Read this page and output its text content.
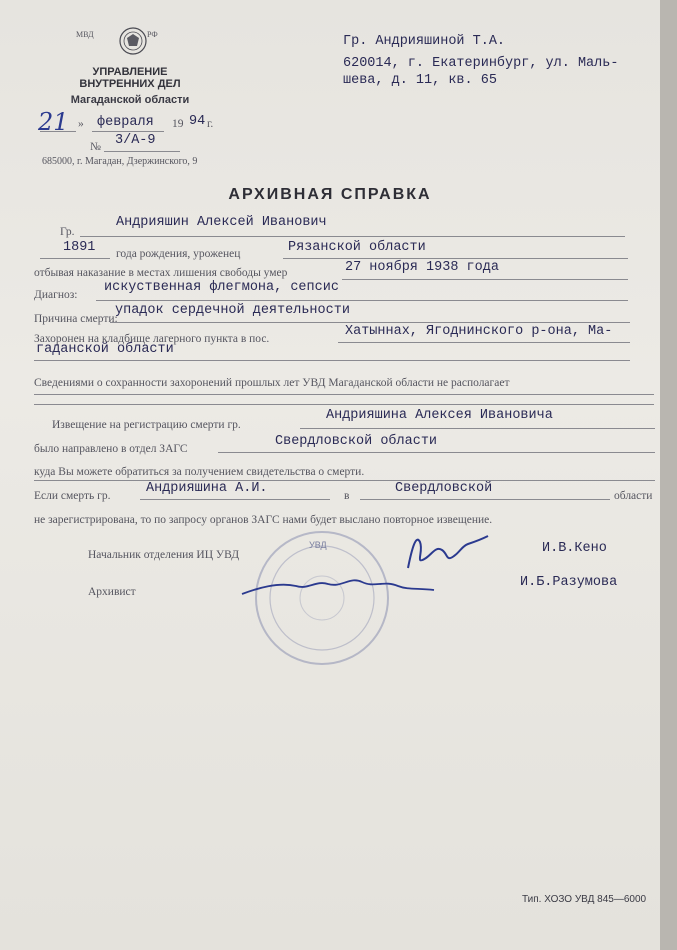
МВД	РФ
УПРАВЛЕНИЕ
ВНУТРЕННИХ ДЕЛ
Магаданской области
21 » февраля 19 94 г.
№ 3/А-9
685000, г. Магадан, Дзержинского, 9
Гр. Андрияшиной Т.А.
620014, г. Екатеринбург, ул. Маль-
шева, д. 11, кв. 65
АРХИВНАЯ СПРАВКА
Гр.
Андрияшин Алексей Иванович
1891 года рождения, уроженец	Рязанской области
отбывая наказание в местах лишения свободы умер	27 ноября 1938 года
Диагноз: искуственная флегмона, сепсис
Причина смерти:
упадок сердечной деятельности
Захоронен на кладбище лагерного пункта в пос.	Хатыннах, Ягоднинского р-она, Ма-
гаданской области
Сведениями о сохранности захоронений прошлых лет УВД Магаданской области не располагает
Извещение на регистрацию смерти гр.
Андрияшина Алексея Ивановича
было направлено в отдел ЗАГС	Свердловской области
куда Вы можете обратиться за получением свидетельства о смерти.
Если смерть гр.	Андрияшина А.И.	в	Свердловской	области
не зарегистрирована, то по запросу органов ЗАГС нами будет выслано повторное извещение.
УВД
Начальник отделения ИЦ УВД	И.В.Кено
Архивист
И.Б.Разумова
Тип. ХОЗО УВД 845—6000
